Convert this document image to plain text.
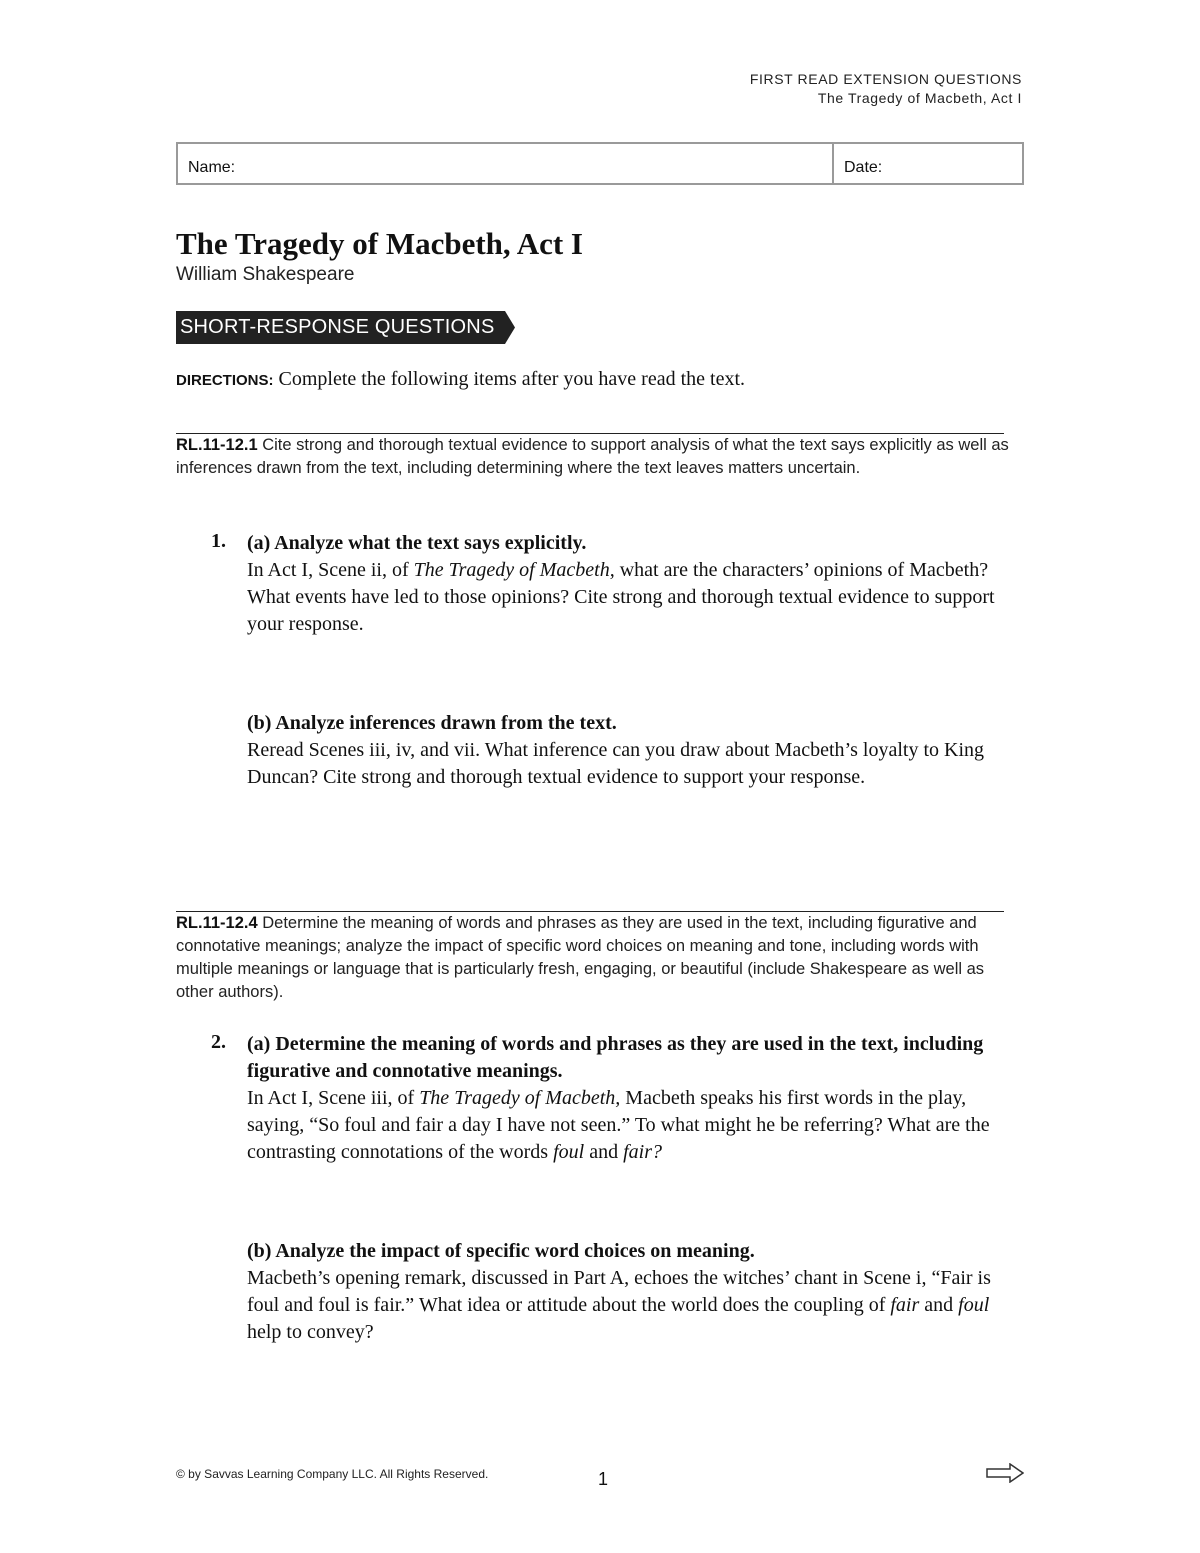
FIRST READ EXTENSION QUESTIONS
The Tragedy of Macbeth, Act I
Name:	Date:
The Tragedy of Macbeth, Act I
William Shakespeare
SHORT-RESPONSE QUESTIONS
DIRECTIONS: Complete the following items after you have read the text.
RL.11-12.1 Cite strong and thorough textual evidence to support analysis of what the text says explicitly as well as inferences drawn from the text, including determining where the text leaves matters uncertain.
1. (a) Analyze what the text says explicitly.
In Act I, Scene ii, of The Tragedy of Macbeth, what are the characters’ opinions of Macbeth? What events have led to those opinions? Cite strong and thorough textual evidence to support your response.
(b) Analyze inferences drawn from the text.
Reread Scenes iii, iv, and vii. What inference can you draw about Macbeth’s loyalty to King Duncan? Cite strong and thorough textual evidence to support your response.
RL.11-12.4 Determine the meaning of words and phrases as they are used in the text, including figurative and connotative meanings; analyze the impact of specific word choices on meaning and tone, including words with multiple meanings or language that is particularly fresh, engaging, or beautiful (include Shakespeare as well as other authors).
2. (a) Determine the meaning of words and phrases as they are used in the text, including figurative and connotative meanings.
In Act I, Scene iii, of The Tragedy of Macbeth, Macbeth speaks his first words in the play, saying, “So foul and fair a day I have not seen.” To what might he be referring? What are the contrasting connotations of the words foul and fair?
(b) Analyze the impact of specific word choices on meaning.
Macbeth’s opening remark, discussed in Part A, echoes the witches’ chant in Scene i, “Fair is foul and foul is fair.” What idea or attitude about the world does the coupling of fair and foul help to convey?
© by Savvas Learning Company LLC. All Rights Reserved.	1
